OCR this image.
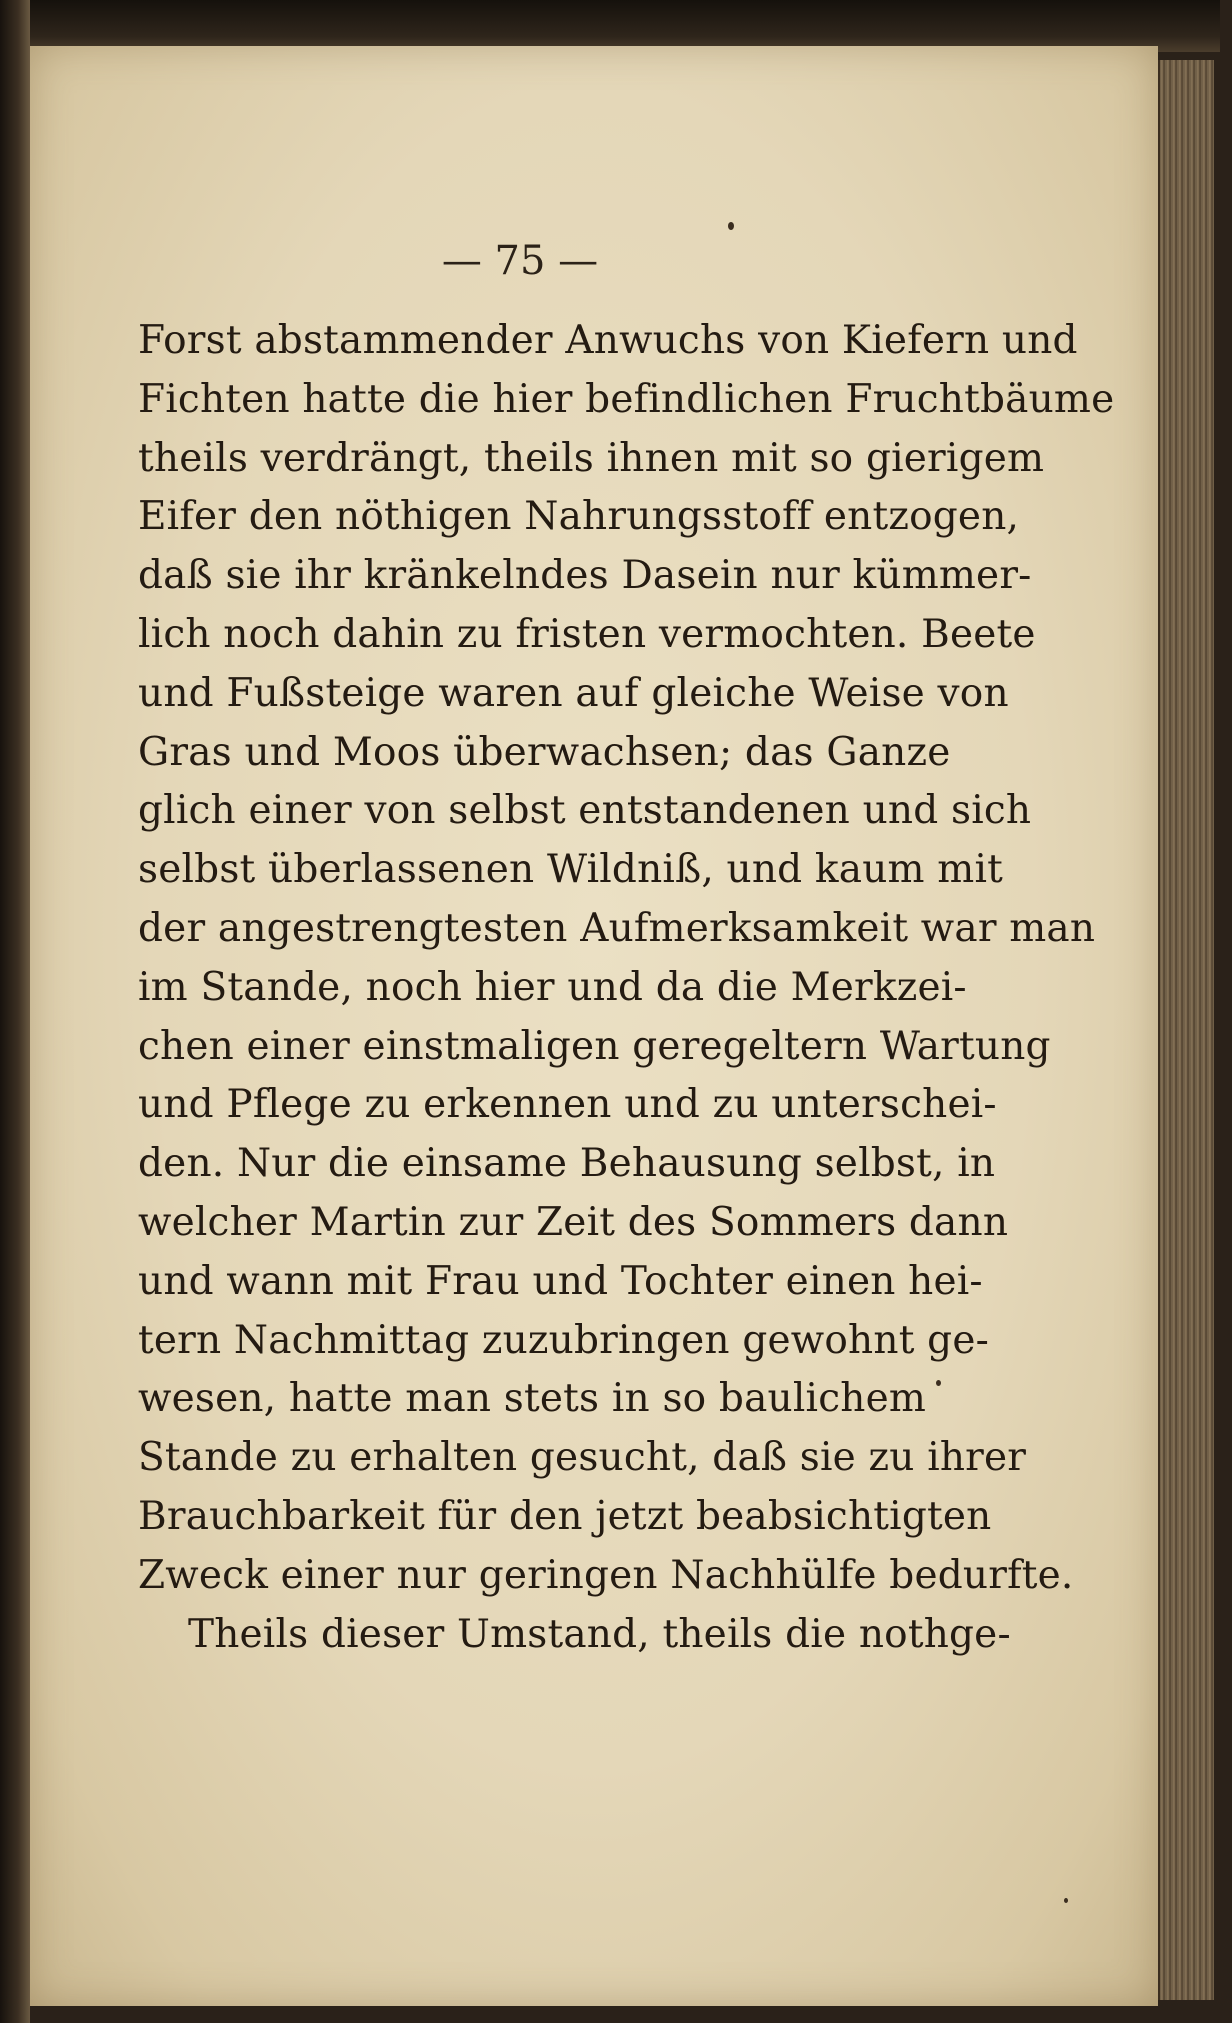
— 75 —
Forst abstammender Anwuchs von Kiefern und
Fichten hatte die hier befindlichen Fruchtbäume
theils verdrängt, theils ihnen mit so gierigem
Eifer den nöthigen Nahrungsstoff entzogen,
daß sie ihr kränkelndes Dasein nur kümmer-
lich noch dahin zu fristen vermochten. Beete
und Fußsteige waren auf gleiche Weise von
Gras und Moos überwachsen; das Ganze
glich einer von selbst entstandenen und sich
selbst überlassenen Wildniß, und kaum mit
der angestrengtesten Aufmerksamkeit war man
im Stande, noch hier und da die Merkzei-
chen einer einstmaligen geregeltern Wartung
und Pflege zu erkennen und zu unterschei-
den. Nur die einsame Behausung selbst, in
welcher Martin zur Zeit des Sommers dann
und wann mit Frau und Tochter einen hei-
tern Nachmittag zuzubringen gewohnt ge-
wesen, hatte man stets in so baulichem
Stande zu erhalten gesucht, daß sie zu ihrer
Brauchbarkeit für den jetzt beabsichtigten
Zweck einer nur geringen Nachhülfe bedurfte.
Theils dieser Umstand, theils die nothge-
